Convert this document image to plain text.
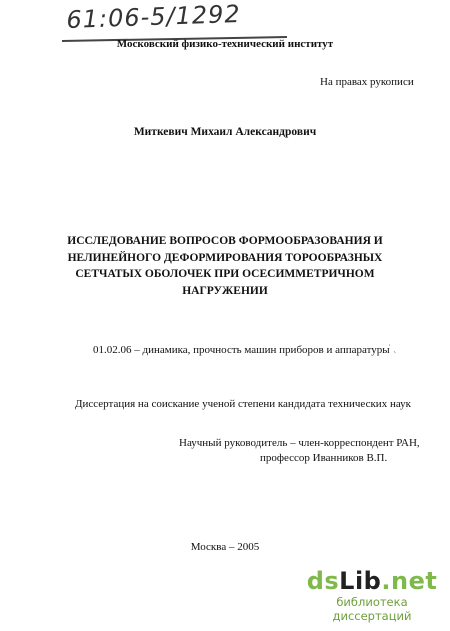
61:06-5/1292
Московский физико-технический институт
На правах рукописи
Миткевич Михаил Александрович
ИССЛЕДОВАНИЕ ВОПРОСОВ ФОРМООБРАЗОВАНИЯ И
НЕЛИНЕЙНОГО ДЕФОРМИРОВАНИЯ ТОРООБРАЗНЫХ
СЕТЧАТЫХ ОБОЛОЧЕК ПРИ ОСЕСИММЕТРИЧНОМ
НАГРУЖЕНИИ
01.02.06 – динамика, прочность машин приборов и аппаратуры
˙ ˎ
Диссертация на соискание ученой степени кандидата технических наук
Научный руководитель – член-корреспондент РАН,
профессор Иванников В.П.
Москва – 2005
dsLib.net
библиотека диссертаций
